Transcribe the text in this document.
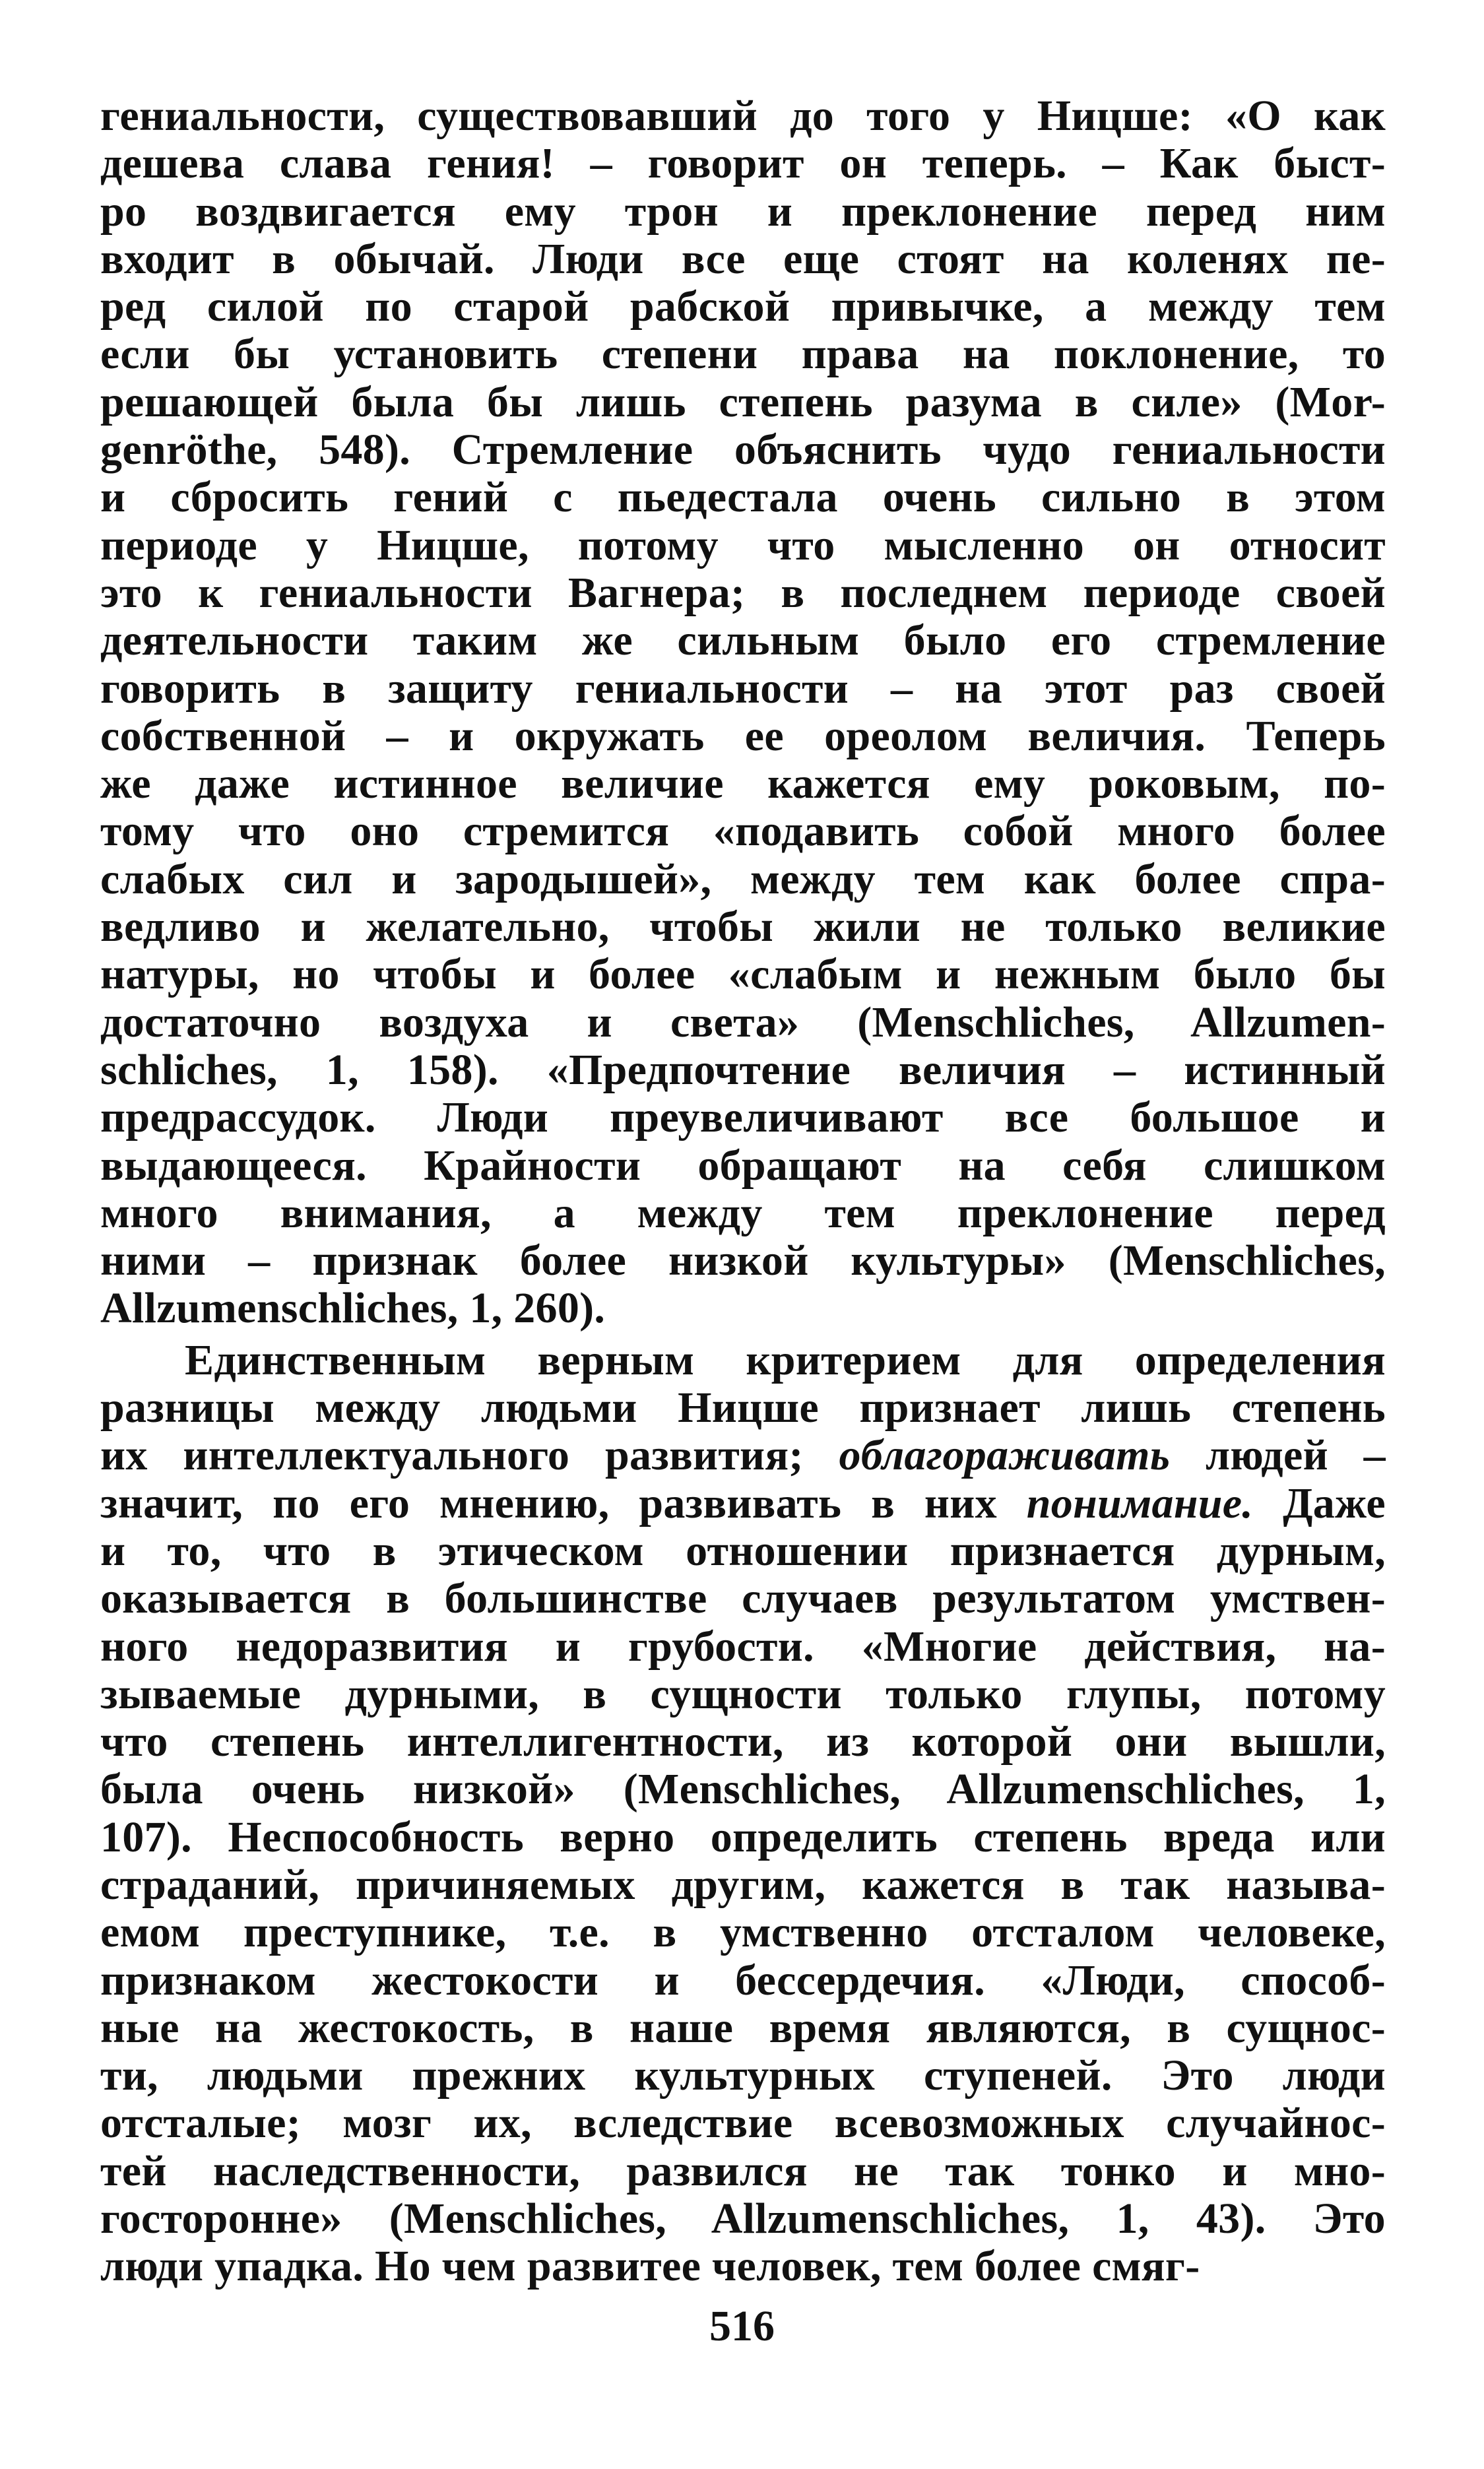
гениальности, существовавший до того у Ницше: «О как
дешева слава гения! – говорит он теперь. – Как быст-
ро воздвигается ему трон и преклонение перед ним
входит в обычай. Люди все еще стоят на коленях пе-
ред силой по старой рабской привычке, а между тем
если бы установить степени права на поклонение, то
решающей была бы лишь степень разума в силе» (Mor-
genröthe, 548). Стремление объяснить чудо гениальности
и сбросить гений с пьедестала очень сильно в этом
периоде у Ницше, потому что мысленно он относит
это к гениальности Вагнера; в последнем периоде своей
деятельности таким же сильным было его стремление
говорить в защиту гениальности – на этот раз своей
собственной – и окружать ее ореолом величия. Теперь
же даже истинное величие кажется ему роковым, по-
тому что оно стремится «подавить собой много более
слабых сил и зародышей», между тем как более спра-
ведливо и желательно, чтобы жили не только великие
натуры, но чтобы и более «слабым и нежным было бы
достаточно воздуха и света» (Menschliches, Allzumen-
schliches, 1, 158). «Предпочтение величия – истинный
предрассудок. Люди преувеличивают все большое и
выдающееся. Крайности обращают на себя слишком
много внимания, а между тем преклонение перед
ними – признак более низкой культуры» (Menschliches,
Allzumenschliches, 1, 260).
Единственным верным критерием для определения
разницы между людьми Ницше признает лишь степень
их интеллектуального развития; облагораживать людей –
значит, по его мнению, развивать в них понимание. Даже
и то, что в этическом отношении признается дурным,
оказывается в большинстве случаев результатом умствен-
ного недоразвития и грубости. «Многие действия, на-
зываемые дурными, в сущности только глупы, потому
что степень интеллигентности, из которой они вышли,
была очень низкой» (Menschliches, Allzumenschliches, 1,
107). Неспособность верно определить степень вреда или
страданий, причиняемых другим, кажется в так называ-
емом преступнике, т.е. в умственно отсталом человеке,
признаком жестокости и бессердечия. «Люди, способ-
ные на жестокость, в наше время являются, в сущнос-
ти, людьми прежних культурных ступеней. Это люди
отсталые; мозг их, вследствие всевозможных случайнос-
тей наследственности, развился не так тонко и мно-
госторонне» (Menschliches, Allzumenschliches, 1, 43). Это
люди упадка. Но чем развитее человек, тем более смяг-
516
